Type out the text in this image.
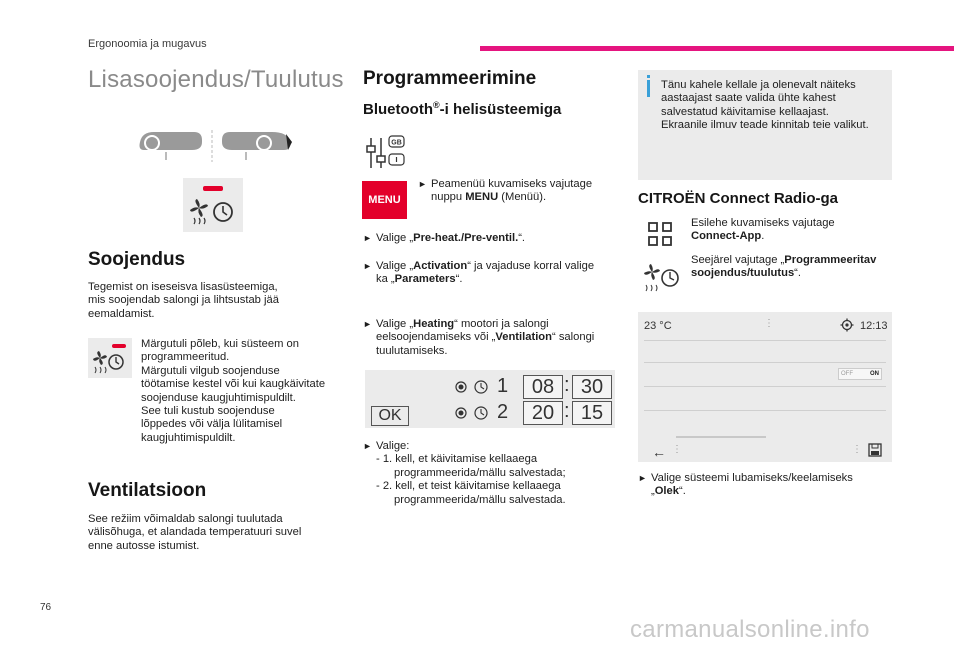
Ergonoomia ja mugavus
Lisasoojendus/Tuulutus
Soojendus
Tegemist on iseseisva lisasüsteemiga,
mis soojendab salongi ja lihtsustab jää
eemaldamist.
Märgutuli põleb, kui süsteem on
programmeeritud.
Märgutuli vilgub soojenduse
töötamise kestel või kui kaugkäivitate
soojenduse kaugjuhtimispuldilt.
See tuli kustub soojenduse
lõppedes või välja lülitamisel
kaugjuhtimispuldilt.
Ventilatsioon
See režiim võimaldab salongi tuulutada
välisõhuga, et alandada temperatuuri suvel
enne autosse istumist.
Programmeerimine
Bluetooth®-i helisüsteemiga
GB
MENU
► Peamenüü kuvamiseks vajutage
nuppu MENU (Menüü).
► Valige „Pre-heat./Pre-ventil.“.
► Valige „Activation“ ja vajaduse korral valige
ka „Parameters“.
► Valige „Heating“ mootori ja salongi
eelsoojendamiseks või „Ventilation“ salongi
tuulutamiseks.
OK
1	08 : 30
2	20 : 15
► Valige:
- 1. kell, et käivitamise kellaaega
programmeerida/mällu salvestada;
- 2. kell, et teist käivitamise kellaaega
programmeerida/mällu salvestada.
Tänu kahele kellale ja olenevalt näiteks
aastaajast saate valida ühte kahest
salvestatud käivitamise kellaajast.
Ekraanile ilmuv teade kinnitab teie valikut.
CITROËN Connect Radio-ga
Esilehe kuvamiseks vajutage
Connect-App.
Seejärel vajutage „Programmeeritav
soojendus/tuulutus“.
23 °C	⋮	12:13
OFF	ON
← ⋮	⋮
► Valige süsteemi lubamiseks/keelamiseks
„Olek“.
76
carmanualsonline.info
